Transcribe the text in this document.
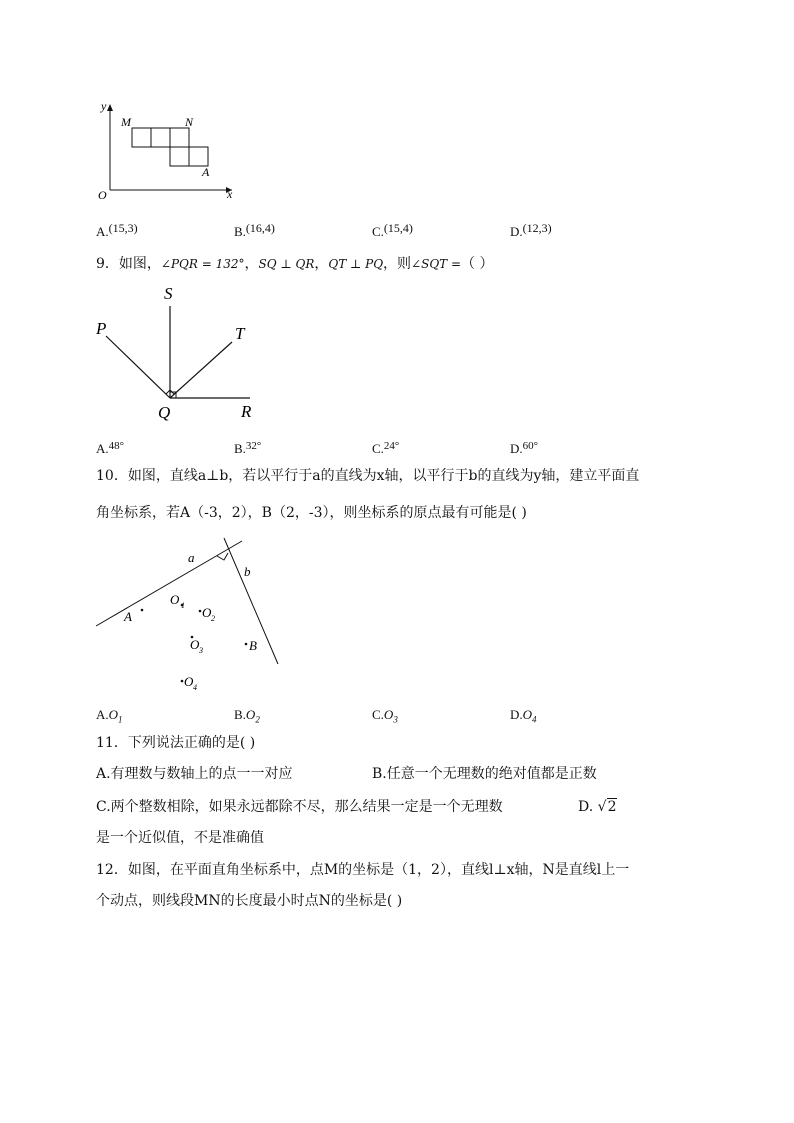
y
M	N
A
O	x
A.(15,3)	B.(16,4)	C.(15,4)	D.(12,3)
9．如图，∠PQR = 132°，SQ ⊥ QR，QT ⊥ PQ，则∠SQT =（ ）
S
P	T
Q	R
A.$^{48^\circ}$	B.$^{32^\circ}$	C.$^{24^\circ}$	D.$^{60^\circ}$
10．如图，直线a⊥b，若以平行于a的直线为x轴，以平行于b的直线为y轴，建立平面直
角坐标系，若A（-3，2），B（2，-3），则坐标系的原点最有可能是( )
a
b
A
O 1 O 2
O 3	B
O 4
$A.O_1$	$B.O_2$	$C.O_3$	$D.O_4$
11．下列说法正确的是( )
A.有理数与数轴上的点一一对应	B.任意一个无理数的绝对值都是正数
C.两个整数相除，如果永远都除不尽，那么结果一定是一个无理数	D. √2
是一个近似值，不是准确值
12．如图，在平面直角坐标系中，点M的坐标是（1，2），直线l⊥x轴，N是直线l上一
个动点，则线段MN的长度最小时点N的坐标是( )
